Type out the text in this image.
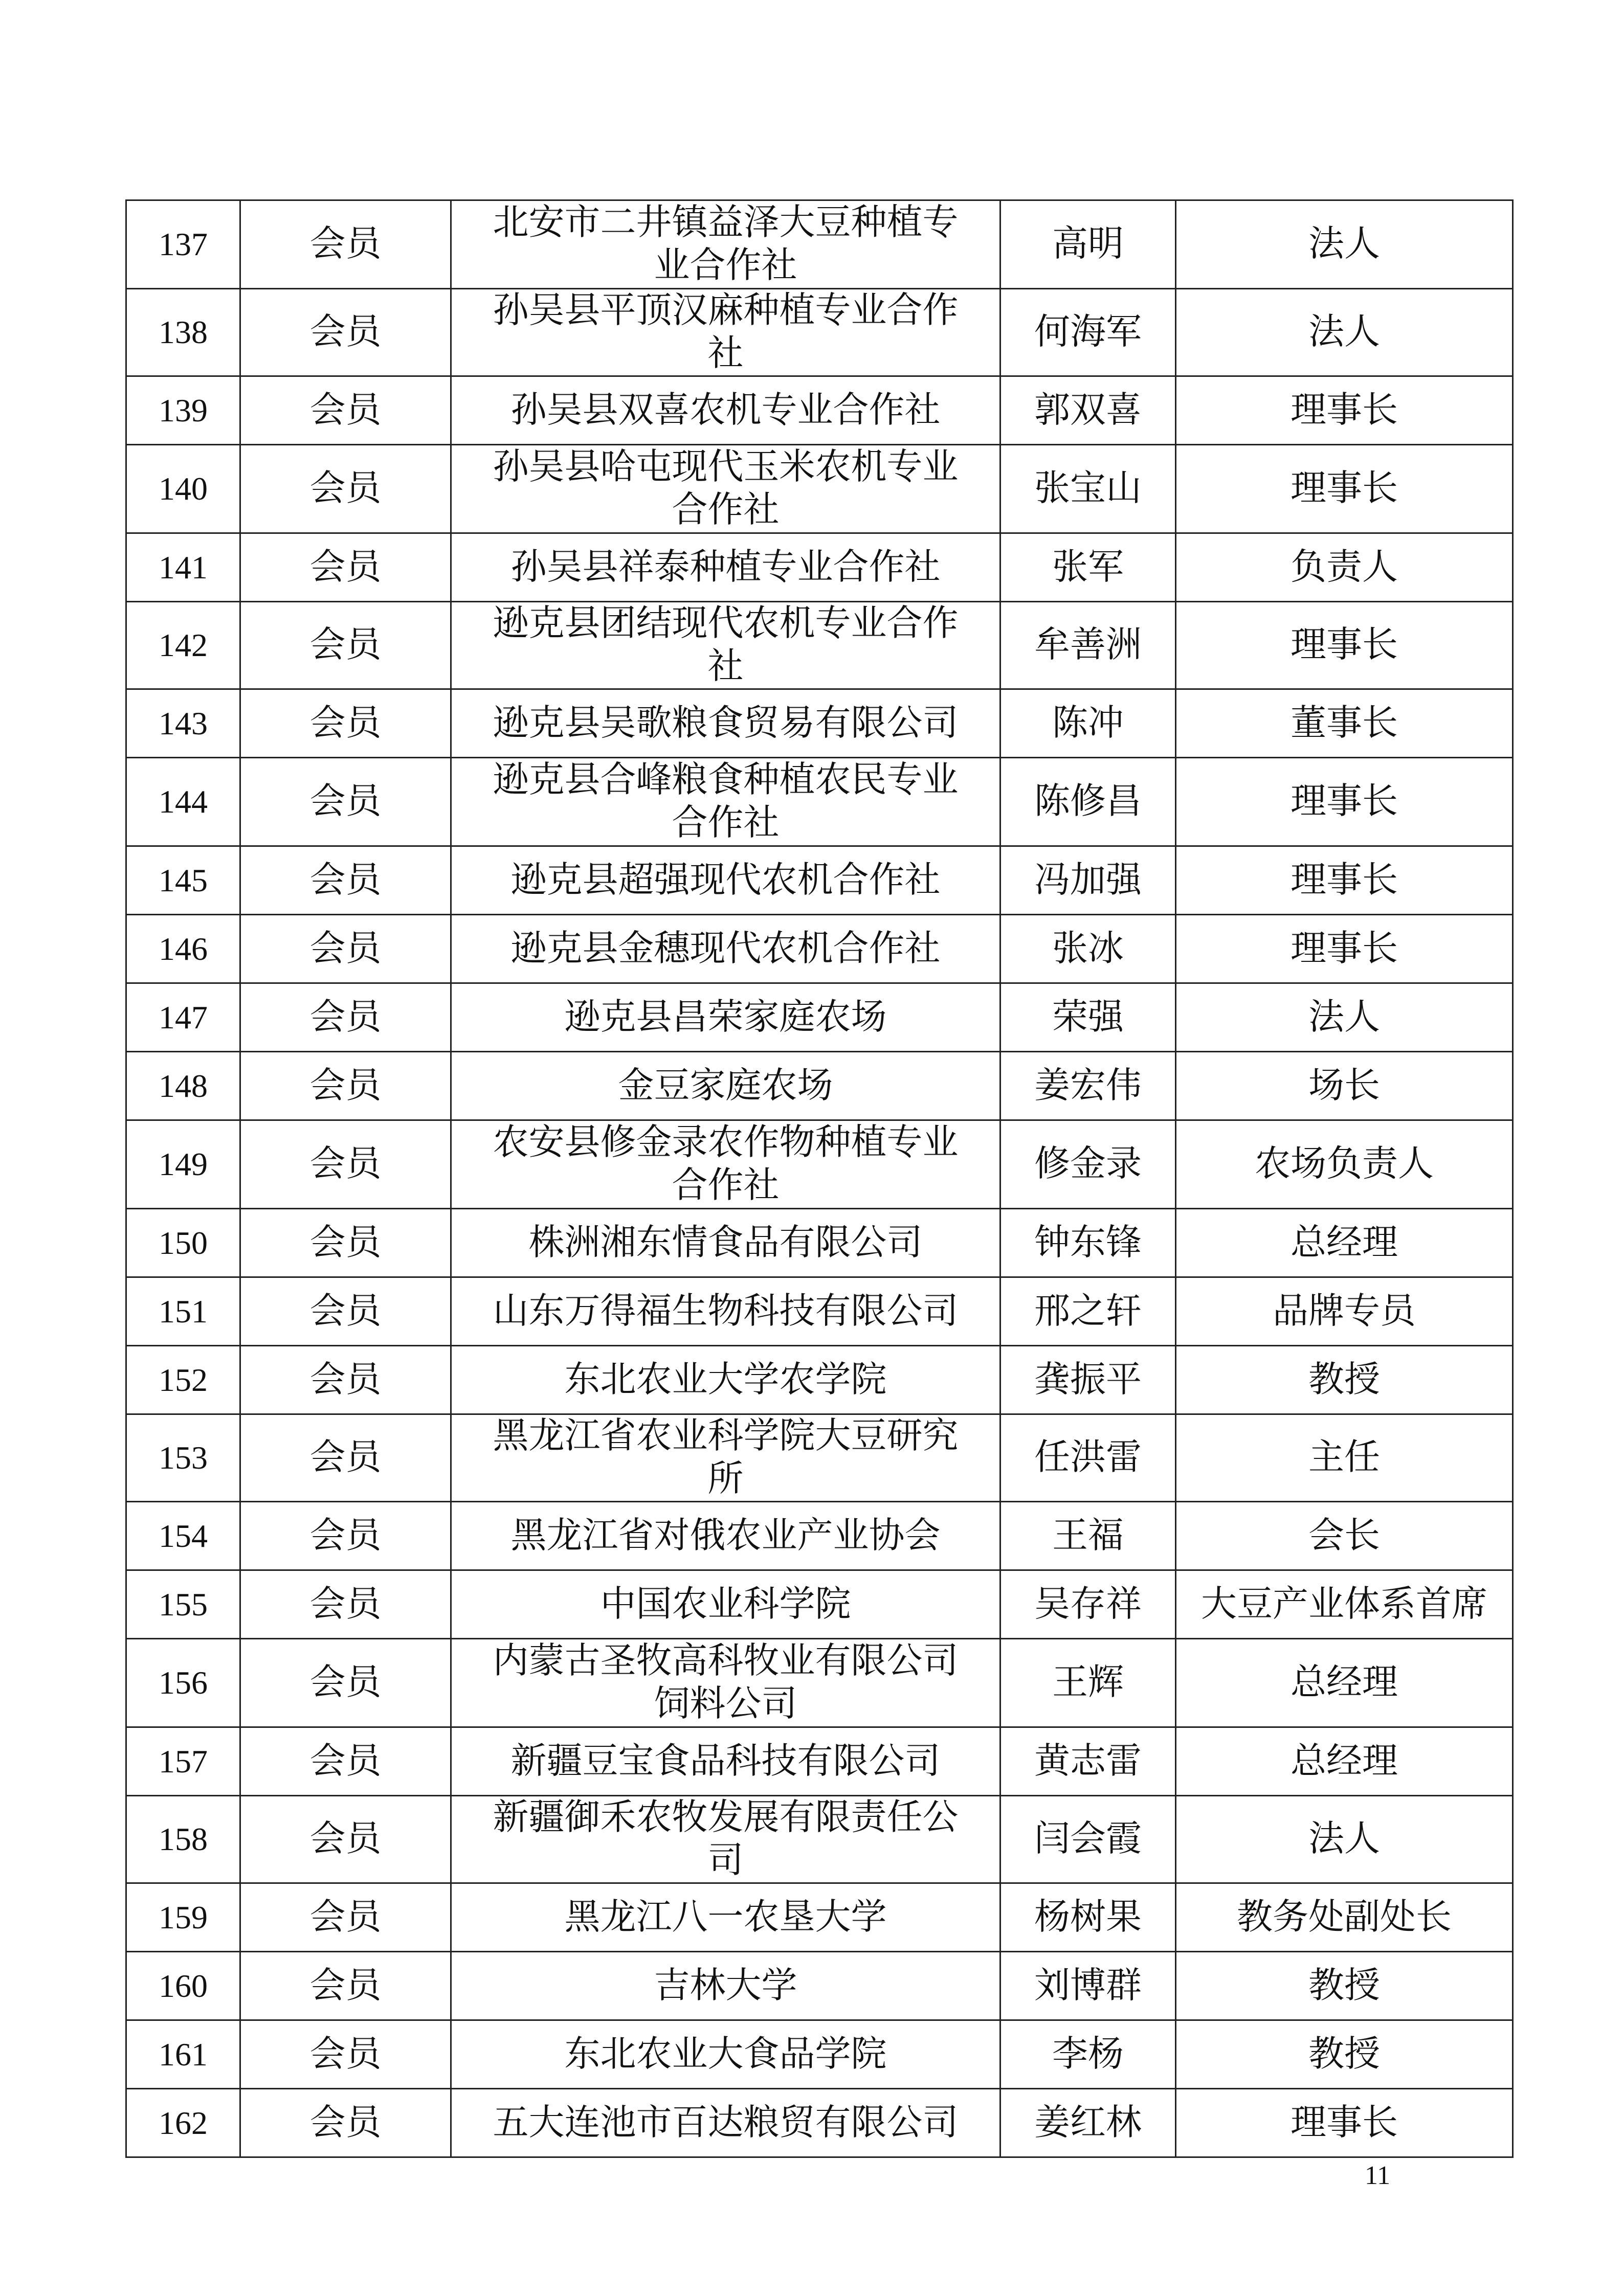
137	会员	北安市二井镇益泽大豆种植专业合作社	高明	法人
138	会员	孙吴县平顶汉麻种植专业合作社	何海军	法人
139	会员	孙吴县双喜农机专业合作社	郭双喜	理事长
140	会员	孙吴县哈屯现代玉米农机专业合作社	张宝山	理事长
141	会员	孙吴县祥泰种植专业合作社	张军	负责人
142	会员	逊克县团结现代农机专业合作社	牟善洲	理事长
143	会员	逊克县吴歌粮食贸易有限公司	陈冲	董事长
144	会员	逊克县合峰粮食种植农民专业合作社	陈修昌	理事长
145	会员	逊克县超强现代农机合作社	冯加强	理事长
146	会员	逊克县金穗现代农机合作社	张冰	理事长
147	会员	逊克县昌荣家庭农场	荣强	法人
148	会员	金豆家庭农场	姜宏伟	场长
149	会员	农安县修金录农作物种植专业合作社	修金录	农场负责人
150	会员	株洲湘东情食品有限公司	钟东锋	总经理
151	会员	山东万得福生物科技有限公司	邢之轩	品牌专员
152	会员	东北农业大学农学院	龚振平	教授
153	会员	黑龙江省农业科学院大豆研究所	任洪雷	主任
154	会员	黑龙江省对俄农业产业协会	王福	会长
155	会员	中国农业科学院	吴存祥	大豆产业体系首席
156	会员	内蒙古圣牧高科牧业有限公司饲料公司	王辉	总经理
157	会员	新疆豆宝食品科技有限公司	黄志雷	总经理
158	会员	新疆御禾农牧发展有限责任公司	闫会霞	法人
159	会员	黑龙江八一农垦大学	杨树果	教务处副处长
160	会员	吉林大学	刘博群	教授
161	会员	东北农业大食品学院	李杨	教授
162	会员	五大连池市百达粮贸有限公司	姜红林	理事长
11
